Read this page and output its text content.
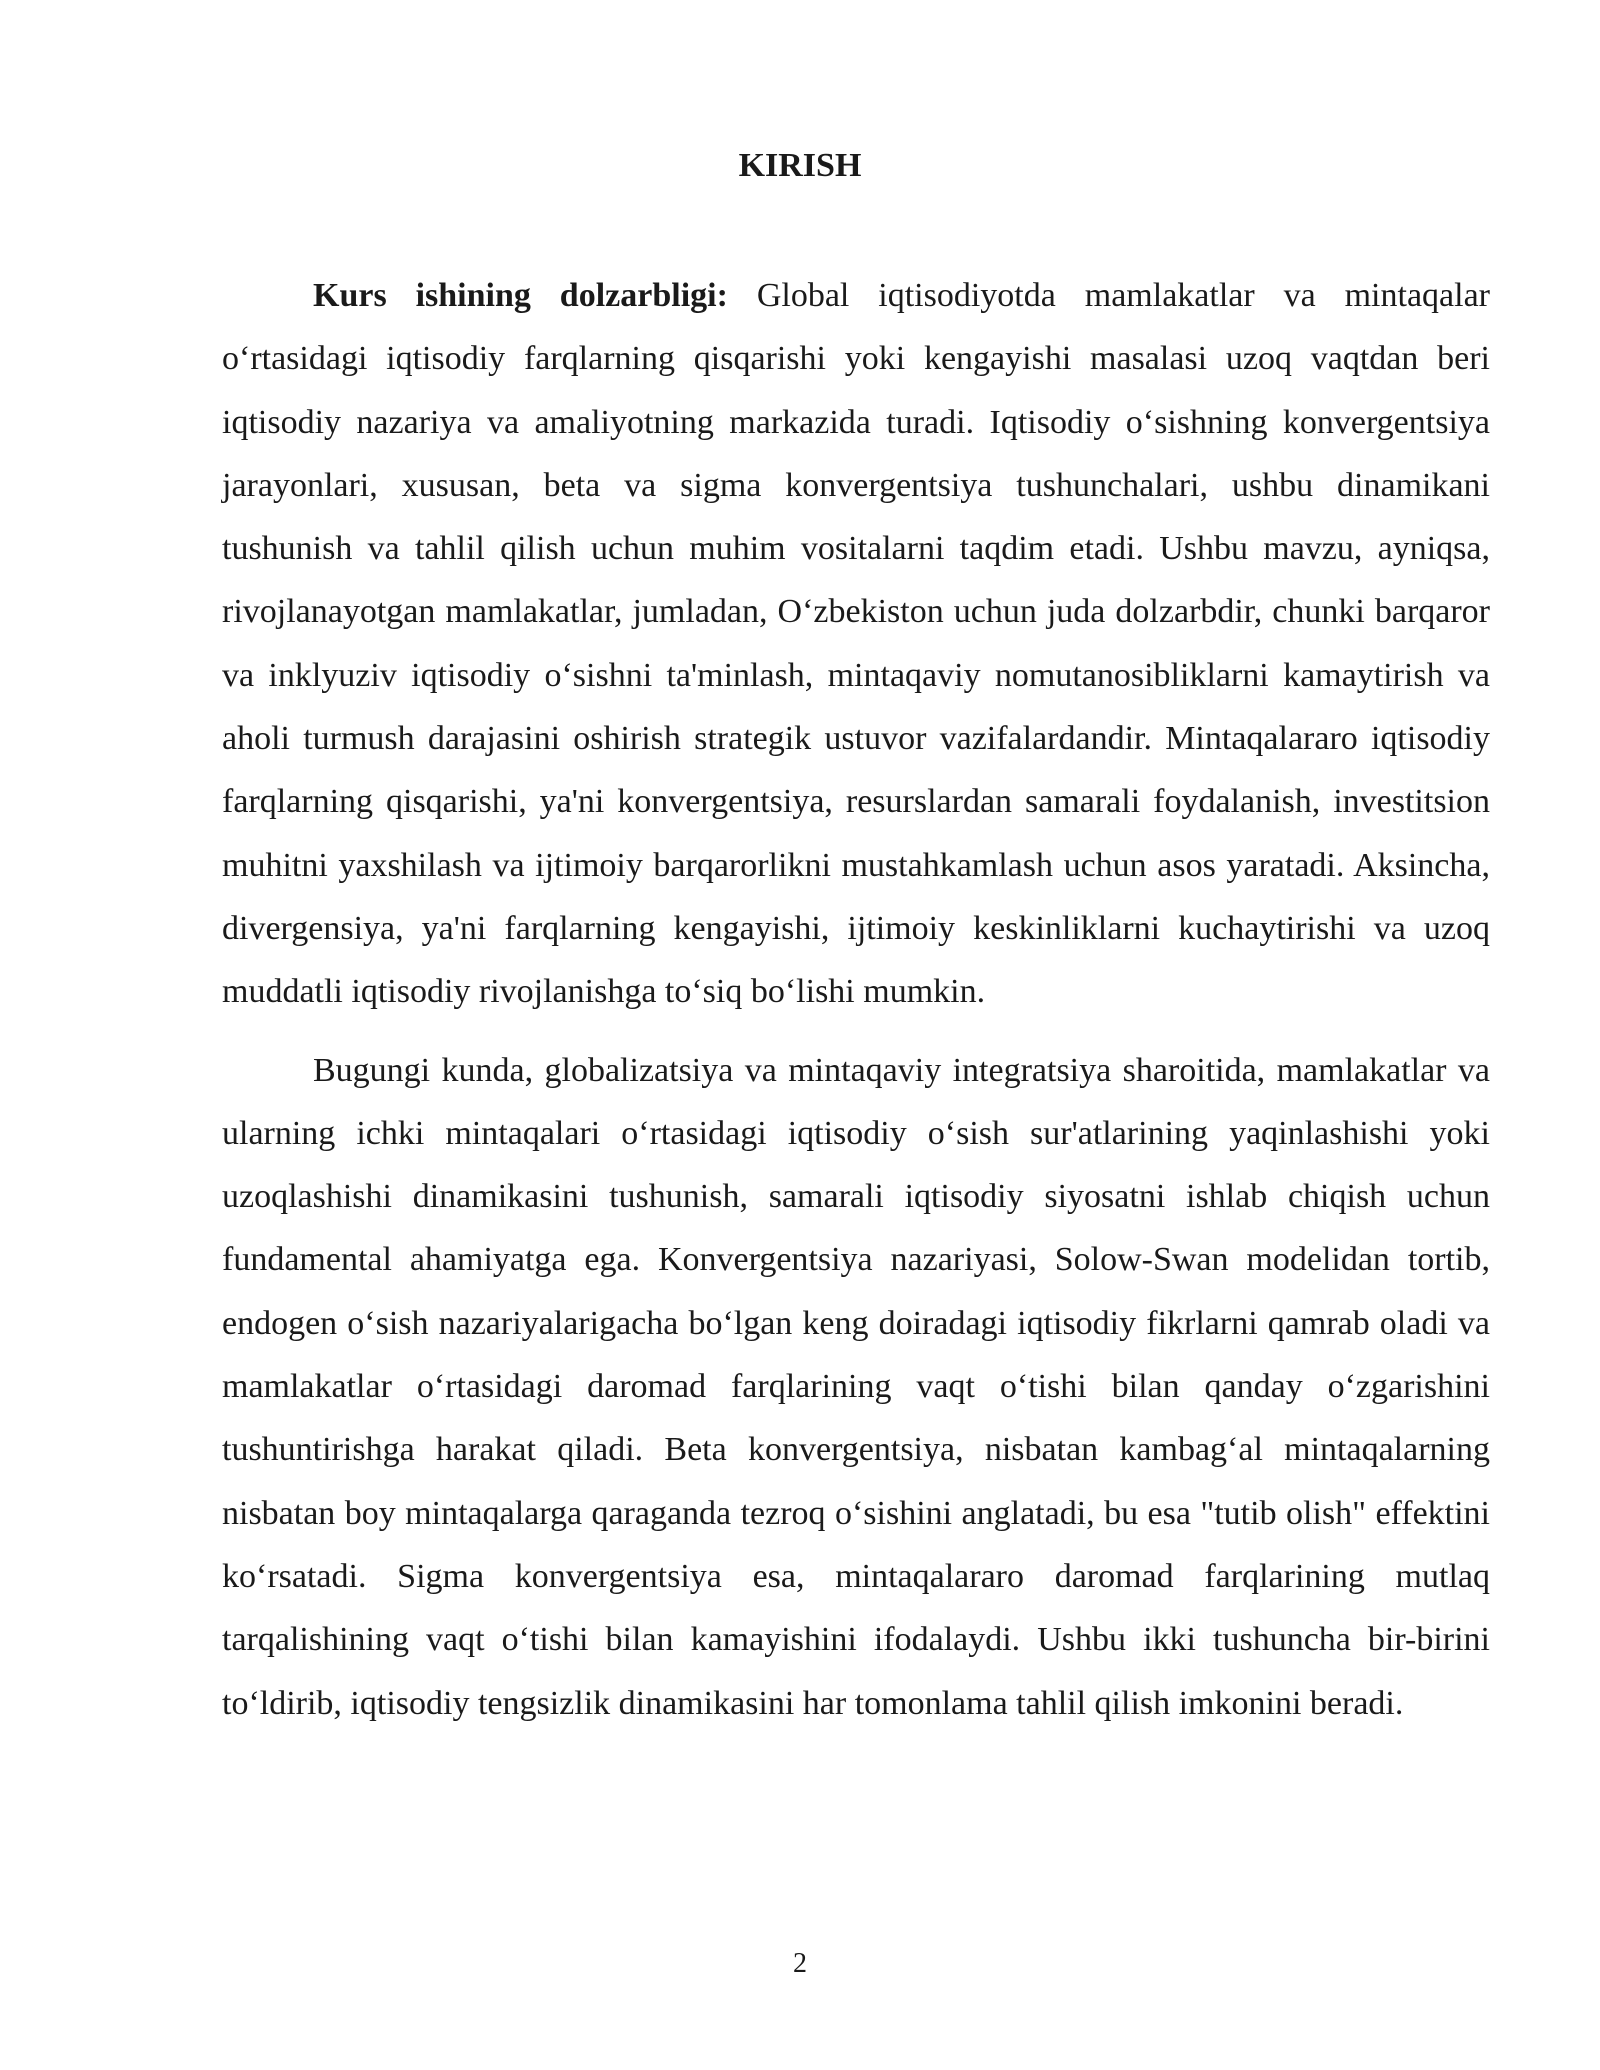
KIRISH

Kurs ishining dolzarbligi: Global iqtisodiyotda mamlakatlar va mintaqalar oʻrtasidagi iqtisodiy farqlarning qisqarishi yoki kengayishi masalasi uzoq vaqtdan beri iqtisodiy nazariya va amaliyotning markazida turadi. Iqtisodiy oʻsishning konvergentsiya jarayonlari, xususan, beta va sigma konvergentsiya tushunchalari, ushbu dinamikani tushunish va tahlil qilish uchun muhim vositalarni taqdim etadi. Ushbu mavzu, ayniqsa, rivojlanayotgan mamlakatlar, jumladan, Oʻzbekiston uchun juda dolzarbdir, chunki barqaror va inklyuziv iqtisodiy oʻsishni ta'minlash, mintaqaviy nomutanosibliklarni kamaytirish va aholi turmush darajasini oshirish strategik ustuvor vazifalardandir. Mintaqalararo iqtisodiy farqlarning qisqarishi, ya'ni konvergentsiya, resurslardan samarali foydalanish, investitsion muhitni yaxshilash va ijtimoiy barqarorlikni mustahkamlash uchun asos yaratadi. Aksincha, divergensiya, ya'ni farqlarning kengayishi, ijtimoiy keskinliklarni kuchaytirishi va uzoq muddatli iqtisodiy rivojlanishga toʻsiq boʻlishi mumkin.

Bugungi kunda, globalizatsiya va mintaqaviy integratsiya sharoitida, mamlakatlar va ularning ichki mintaqalari oʻrtasidagi iqtisodiy oʻsish sur'atlarining yaqinlashishi yoki uzoqlashishi dinamikasini tushunish, samarali iqtisodiy siyosatni ishlab chiqish uchun fundamental ahamiyatga ega. Konvergentsiya nazariyasi, Solow-Swan modelidan tortib, endogen oʻsish nazariyalarigacha boʻlgan keng doiradagi iqtisodiy fikrlarni qamrab oladi va mamlakatlar oʻrtasidagi daromad farqlarining vaqt oʻtishi bilan qanday oʻzgarishini tushuntirishga harakat qiladi. Beta konvergentsiya, nisbatan kambagʻal mintaqalarning nisbatan boy mintaqalarga qaraganda tezroq oʻsishini anglatadi, bu esa "tutib olish" effektini koʻrsatadi. Sigma konvergentsiya esa, mintaqalararo daromad farqlarining mutlaq tarqalishining vaqt oʻtishi bilan kamayishini ifodalaydi. Ushbu ikki tushuncha bir-birini toʻldirib, iqtisodiy tengsizlik dinamikasini har tomonlama tahlil qilish imkonini beradi.

2
